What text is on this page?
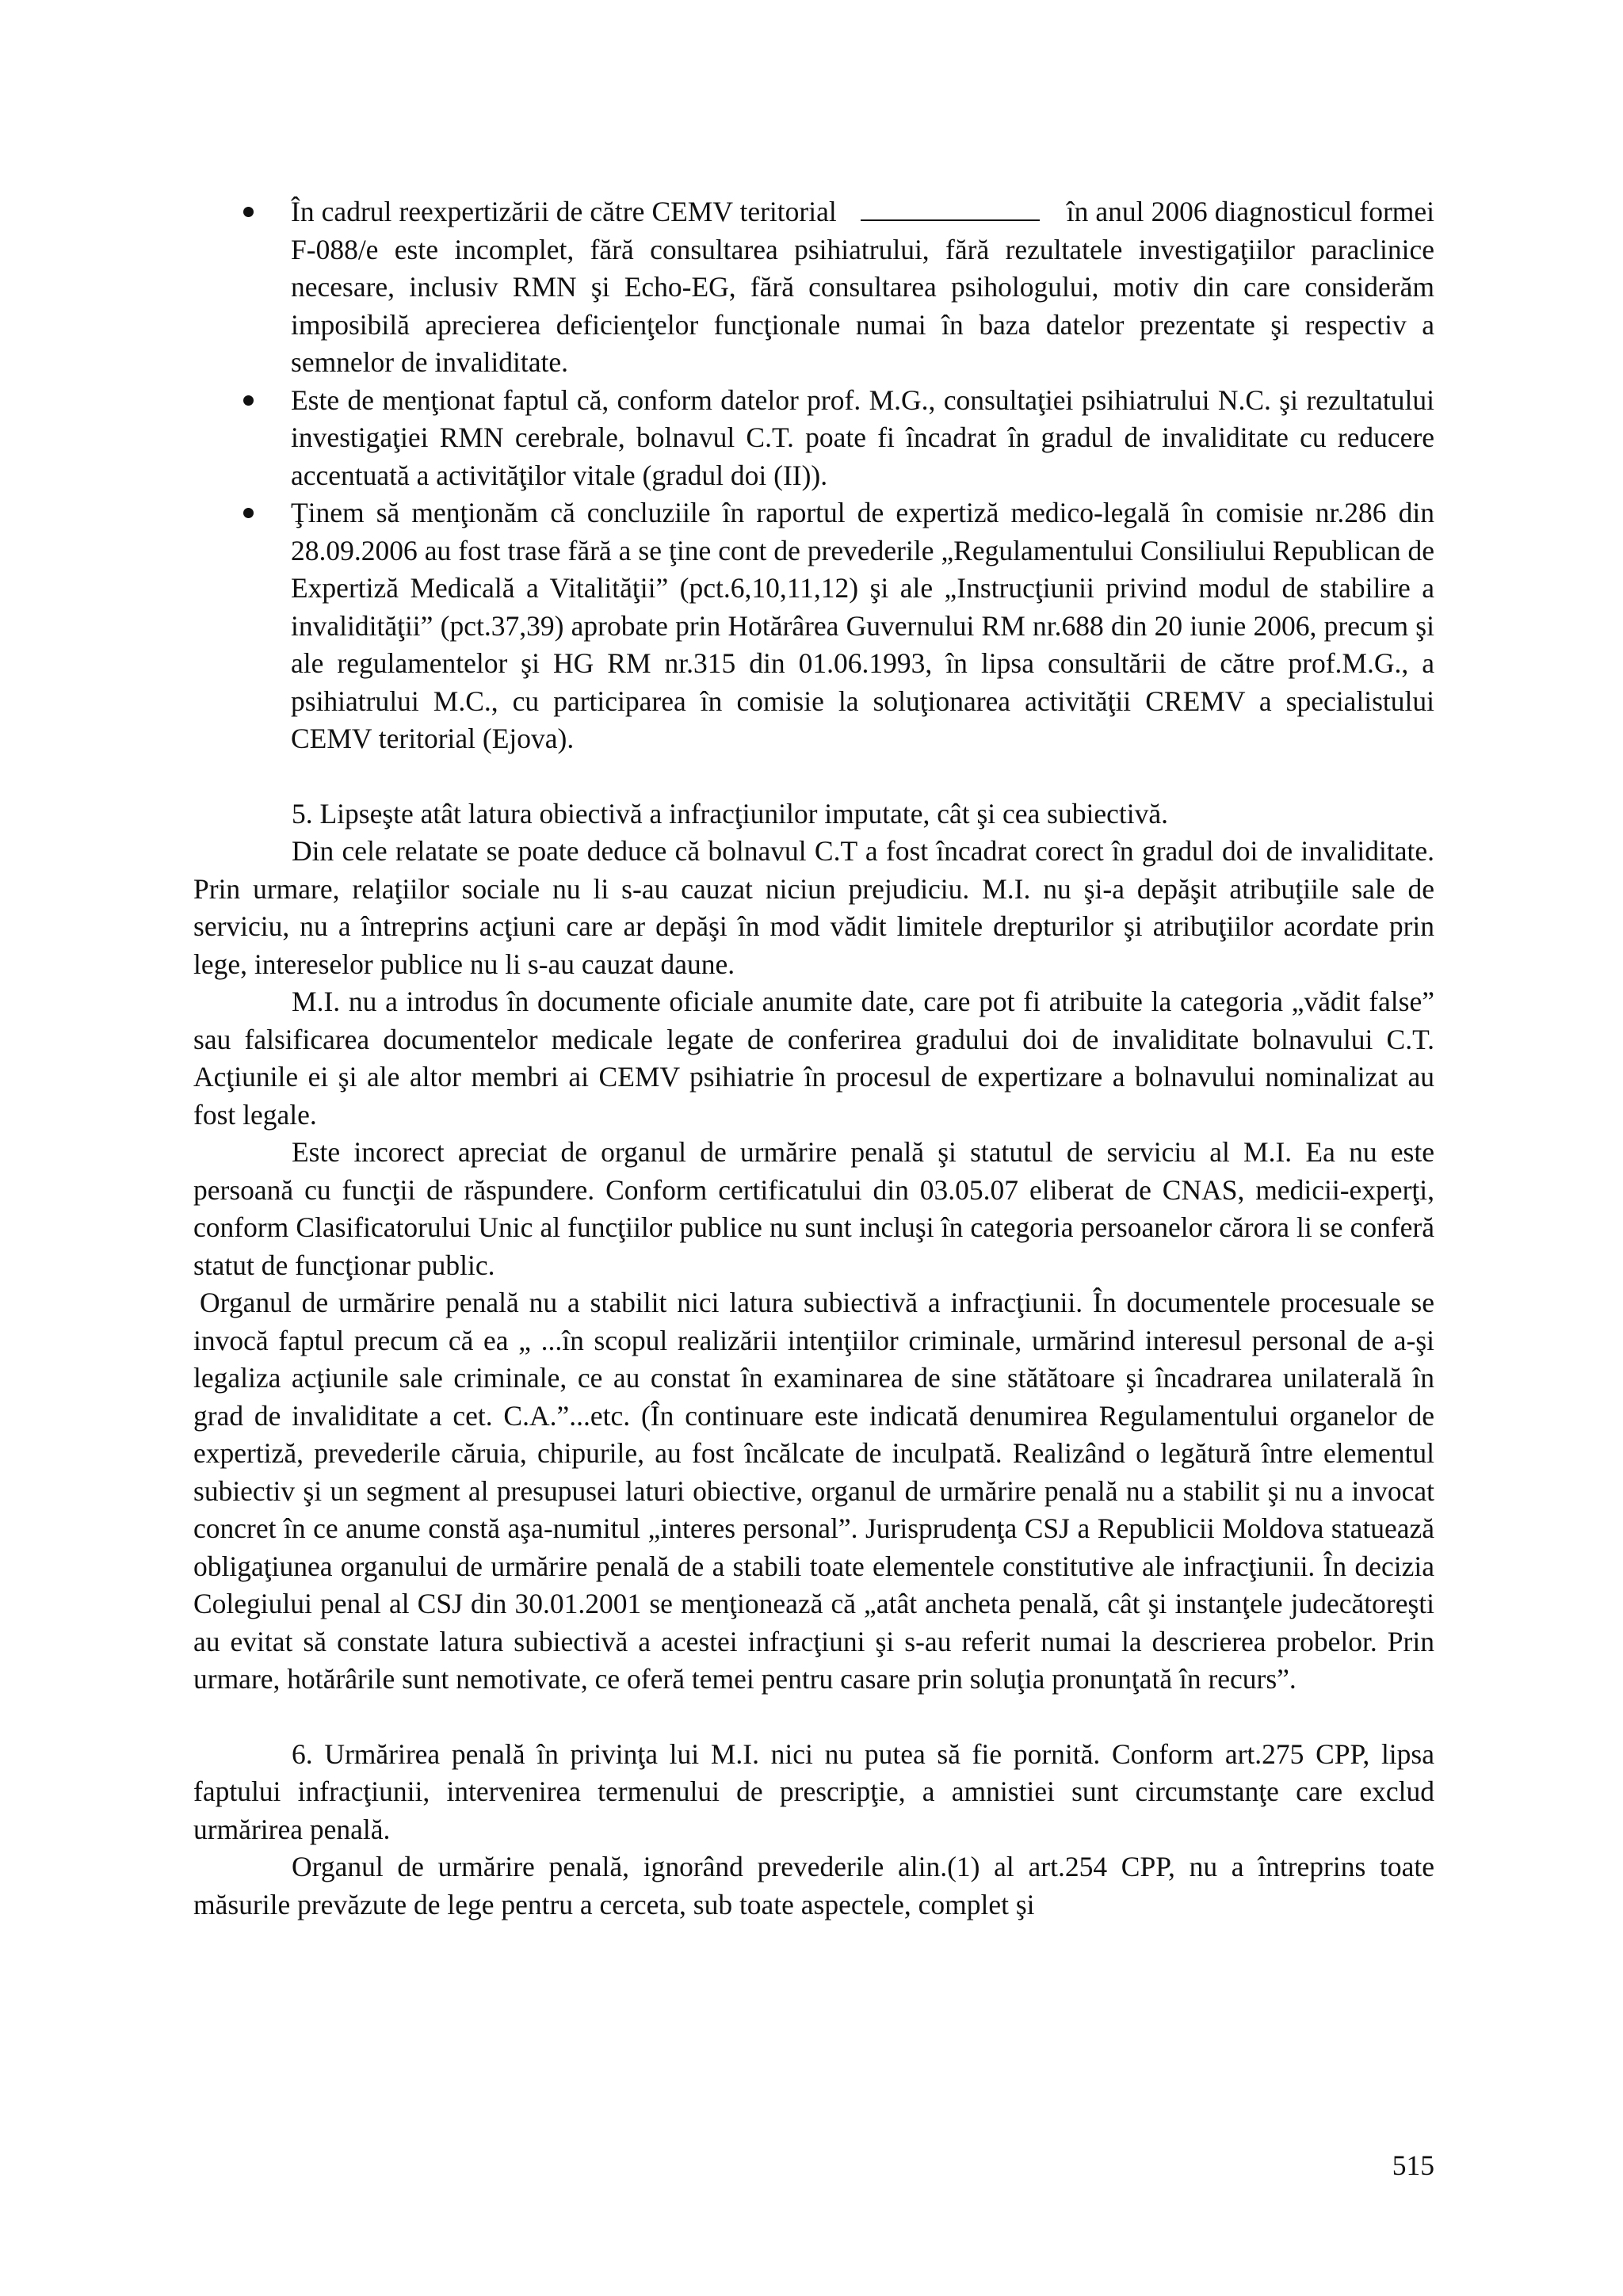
În cadrul reexpertizării de către CEMV teritorial	în anul 2006 diagnosticul formei F-088/e este incomplet, fără consultarea psihiatrului, fără rezultatele investigaţiilor paraclinice necesare, inclusiv RMN şi Echo-EG, fără consultarea psihologului, motiv din care considerăm imposibilă aprecierea deficienţelor funcţionale numai în baza datelor prezentate şi respectiv a semnelor de invaliditate.
Este de menţionat faptul că, conform datelor prof. M.G., consultaţiei psihiatrului N.C. şi rezultatului investigaţiei RMN cerebrale, bolnavul C.T. poate fi încadrat în gradul de invaliditate cu reducere accentuată a activităţilor vitale (gradul doi (II)).
Ţinem să menţionăm că concluziile în raportul de expertiză medico-legală în comisie nr.286 din 28.09.2006 au fost trase fără a se ţine cont de prevederile „Regulamentului Consiliului Republican de Expertiză Medicală a Vitalităţii” (pct.6,10,11,12) şi ale „Instrucţiunii privind modul de stabilire a invalidităţii” (pct.37,39) aprobate prin Hotărârea Guvernului RM nr.688 din 20 iunie 2006, precum şi ale regulamentelor şi HG RM nr.315 din 01.06.1993, în lipsa consultării de către prof.M.G., a psihiatrului M.C., cu participarea în comisie la soluţionarea activităţii CREMV a specialistului CEMV teritorial (Ejova).

5. Lipseşte atât latura obiectivă a infracţiunilor imputate, cât şi cea subiectivă.

Din cele relatate se poate deduce că bolnavul C.T a fost încadrat corect în gradul doi de invaliditate. Prin urmare, relaţiilor sociale nu li s-au cauzat niciun prejudiciu. M.I. nu şi-a depăşit atribuţiile sale de serviciu, nu a întreprins acţiuni care ar depăşi în mod vădit limitele drepturilor şi atribuţiilor acordate prin lege, intereselor publice nu li s-au cauzat daune.

M.I. nu a introdus în documente oficiale anumite date, care pot fi atribuite la categoria „vădit false” sau falsificarea documentelor medicale legate de conferirea gradului doi de invaliditate bolnavului C.T. Acţiunile ei şi ale altor membri ai CEMV psihiatrie în procesul de expertizare a bolnavului nominalizat au fost legale.

Este incorect apreciat de organul de urmărire penală şi statutul de serviciu al M.I. Ea nu este persoană cu funcţii de răspundere. Conform certificatului din 03.05.07 eliberat de CNAS, medicii-experţi, conform Clasificatorului Unic al funcţiilor publice nu sunt incluşi în categoria persoanelor cărora li se conferă statut de funcţionar public.

Organul de urmărire penală nu a stabilit nici latura subiectivă a infracţiunii. În documentele procesuale se invocă faptul precum că ea „ ...în scopul realizării intenţiilor criminale, urmărind interesul personal de a-şi legaliza acţiunile sale criminale, ce au constat în examinarea de sine stătătoare şi încadrarea unilaterală în grad de invaliditate a cet. C.A.”...etc. (În continuare este indicată denumirea Regulamentului organelor de expertiză, prevederile căruia, chipurile, au fost încălcate de inculpată. Realizând o legătură între elementul subiectiv şi un segment al presupusei laturi obiective, organul de urmărire penală nu a stabilit şi nu a invocat concret în ce anume constă aşa-numitul „interes personal”. Jurisprudenţa CSJ a Republicii Moldova statuează obligaţiunea organului de urmărire penală de a stabili toate elementele constitutive ale infracţiunii. În decizia Colegiului penal al CSJ din 30.01.2001 se menţionează că „atât ancheta penală, cât şi instanţele judecătoreşti au evitat să constate latura subiectivă a acestei infracţiuni şi s-au referit numai la descrierea probelor. Prin urmare, hotărârile sunt nemotivate, ce oferă temei pentru casare prin soluţia pronunţată în recurs”.

6. Urmărirea penală în privinţa lui M.I. nici nu putea să fie pornită. Conform art.275 CPP, lipsa faptului infracţiunii, intervenirea termenului de prescripţie, a amnistiei sunt circumstanţe care exclud urmărirea penală.

Organul de urmărire penală, ignorând prevederile alin.(1) al art.254 CPP, nu a întreprins toate măsurile prevăzute de lege pentru a cerceta, sub toate aspectele, complet şi

515
